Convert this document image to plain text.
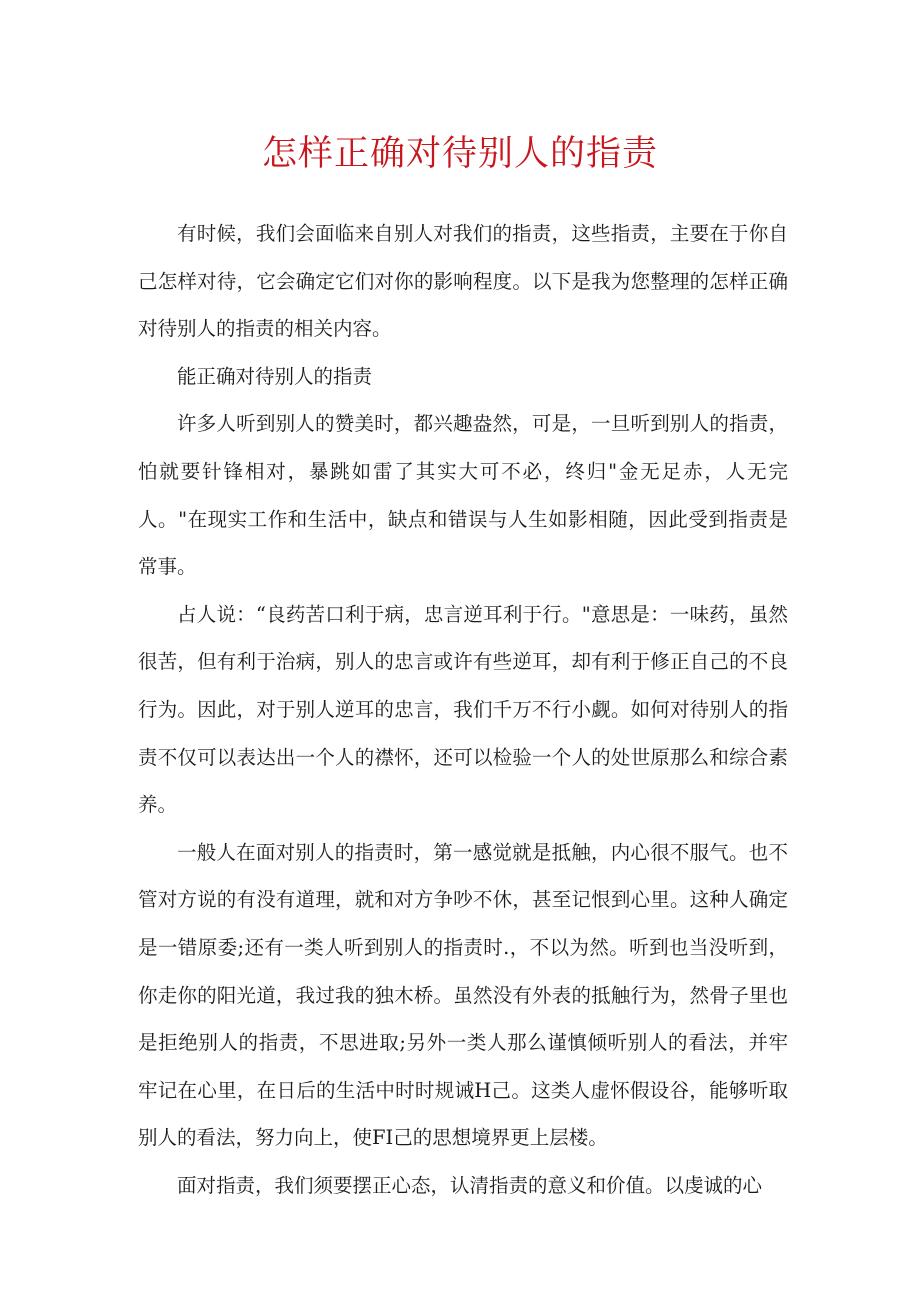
怎样正确对待别人的指责

有时候，我们会面临来自别人对我们的指责，这些指责，主要在于你自己怎样对待，它会确定它们对你的影响程度。以下是我为您整理的怎样正确对待别人的指责的相关内容。

能正确对待别人的指责

许多人听到别人的赞美时，都兴趣盎然，可是，一旦听到别人的指责，怕就要针锋相对，暴跳如雷了其实大可不必，终归"金无足赤，人无完人。"在现实工作和生活中，缺点和错误与人生如影相随，因此受到指责是常事。

占人说：“良药苦口利于病，忠言逆耳利于行。"意思是：一味药，虽然很苦，但有利于治病，别人的忠言或许有些逆耳，却有利于修正自己的不良行为。因此，对于别人逆耳的忠言，我们千万不行小觑。如何对待别人的指责不仅可以表达出一个人的襟怀，还可以检验一个人的处世原那么和综合素养。

一般人在面对别人的指责时，第一感觉就是抵触，内心很不服气。也不管对方说的有没有道理，就和对方争吵不休，甚至记恨到心里。这种人确定是一错原委;还有一类人听到别人的指责时.，不以为然。听到也当没听到，你走你的阳光道，我过我的独木桥。虽然没有外表的抵触行为，然骨子里也是拒绝别人的指责，不思进取;另外一类人那么谨慎倾听别人的看法，并牢牢记在心里，在日后的生活中时时规诫H己。这类人虚怀假设谷，能够听取别人的看法，努力向上，使FI己的思想境界更上层楼。

面对指责，我们须要摆正心态，认清指责的意义和价值。以虔诚的心
